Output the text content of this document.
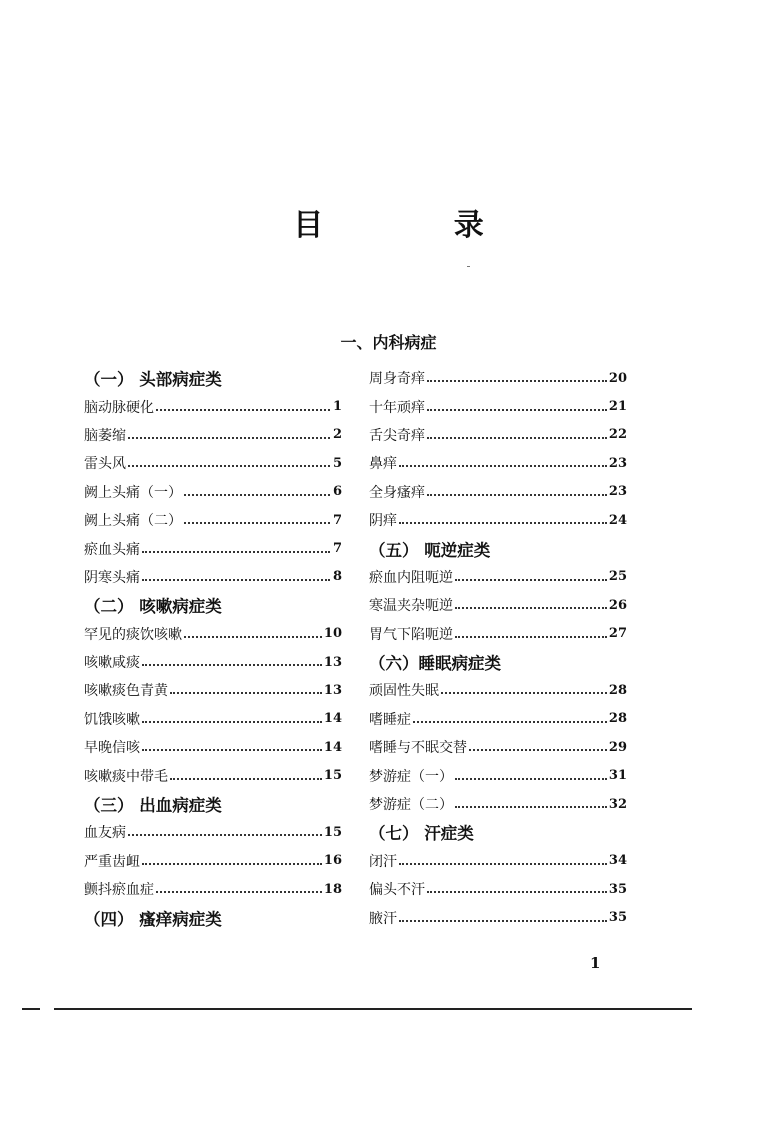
目 录
一、内科病症
（一） 头部病症类
脑动脉硬化	1
脑萎缩	2
雷头风	5
阙上头痛（一）	6
阙上头痛（二）	7
瘀血头痛	7
阴寒头痛	8
（二） 咳嗽病症类
罕见的痰饮咳嗽	10
咳嗽咸痰	13
咳嗽痰色青黄	13
饥饿咳嗽	14
早晚信咳	14
咳嗽痰中带毛	15
（三） 出血病症类
血友病	15
严重齿衄	16
颤抖瘀血症	18
（四） 瘙痒病症类
周身奇痒	20
十年顽痒	21
舌尖奇痒	22
鼻痒	23
全身瘙痒	23
阴痒	24
（五） 呃逆症类
瘀血内阻呃逆	25
寒温夹杂呃逆	26
胃气下陷呃逆	27
（六）睡眠病症类
顽固性失眠	28
嗜睡症	28
嗜睡与不眠交替	29
梦游症（一）	31
梦游症（二）	32
（七） 汗症类
闭汗	34
偏头不汗	35
腋汗	35
1
